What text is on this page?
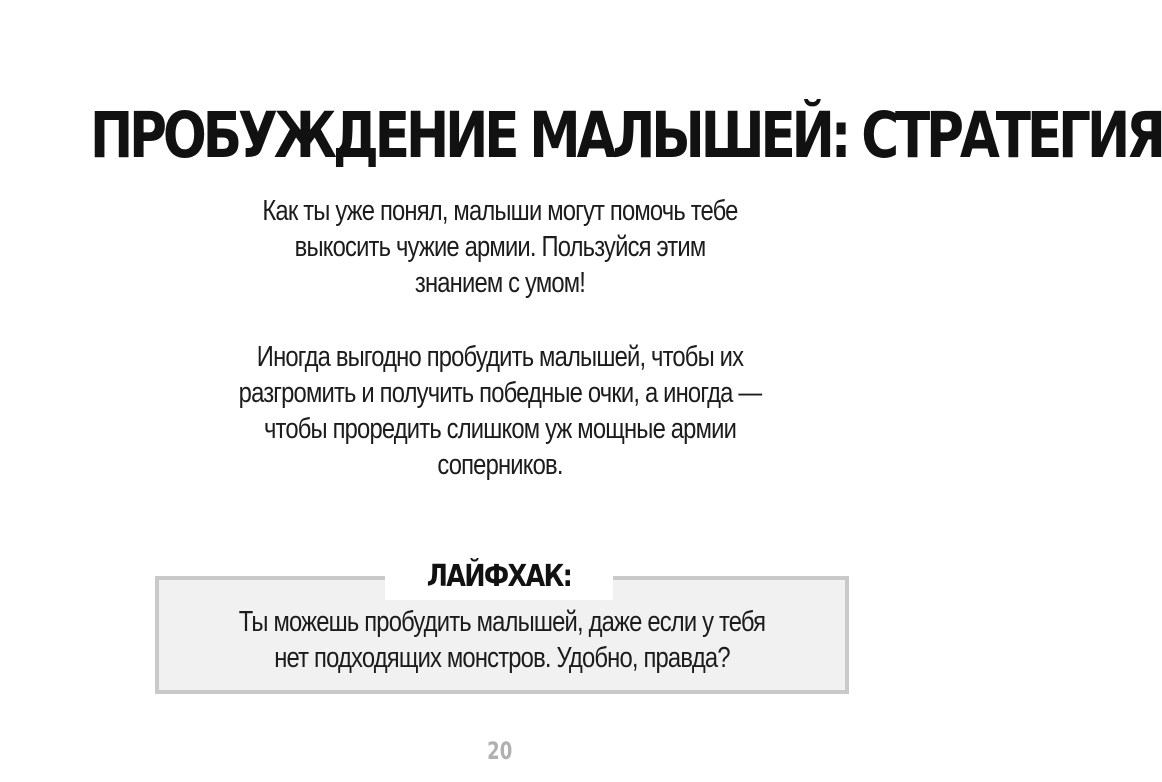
ПРОБУЖДЕНИЕ МАЛЫШЕЙ: СТРАТЕГИЯ
Как ты уже понял, малыши могут помочь тебе
выкосить чужие армии. Пользуйся этим
знанием с умом!
Иногда выгодно пробудить малышей, чтобы их
разгромить и получить победные очки, а иногда —
чтобы проредить слишком уж мощные армии
соперников.
ЛАЙФХАК:
Ты можешь пробудить малышей, даже если у тебя
нет подходящих монстров. Удобно, правда?
20
